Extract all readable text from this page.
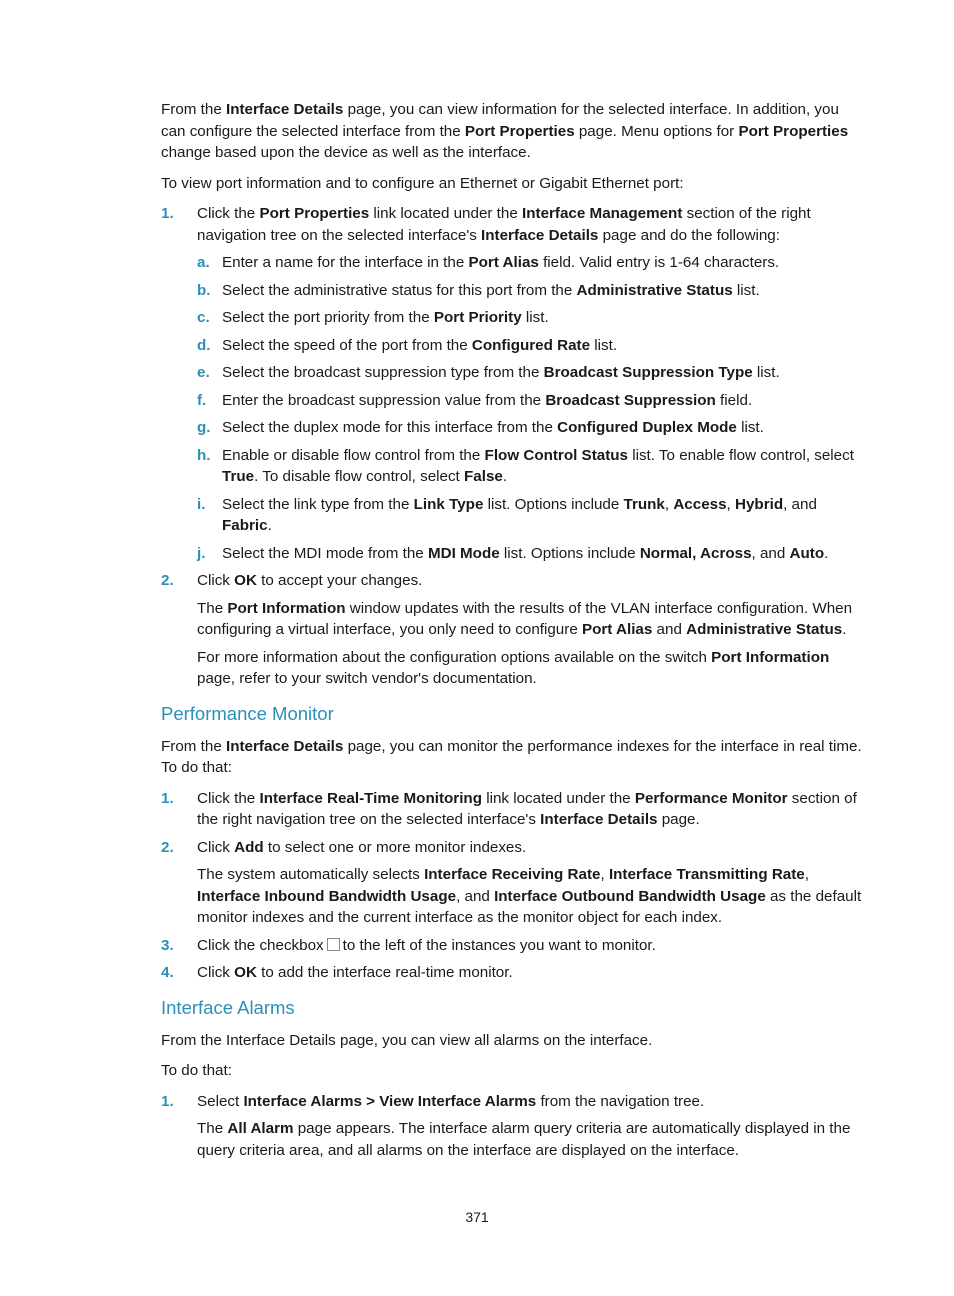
From the Interface Details page, you can view information for the selected interface. In addition, you can configure the selected interface from the Port Properties page. Menu options for Port Properties change based upon the device as well as the interface.

To view port information and to configure an Ethernet or Gigabit Ethernet port:

1. Click the Port Properties link located under the Interface Management section of the right navigation tree on the selected interface's Interface Details page and do the following:

a. Enter a name for the interface in the Port Alias field. Valid entry is 1-64 characters.

b. Select the administrative status for this port from the Administrative Status list.

c. Select the port priority from the Port Priority list.

d. Select the speed of the port from the Configured Rate list.

e. Select the broadcast suppression type from the Broadcast Suppression Type list.

f. Enter the broadcast suppression value from the Broadcast Suppression field.

g. Select the duplex mode for this interface from the Configured Duplex Mode list.

h. Enable or disable flow control from the Flow Control Status list. To enable flow control, select True. To disable flow control, select False.

i. Select the link type from the Link Type list. Options include Trunk, Access, Hybrid, and Fabric.

j. Select the MDI mode from the MDI Mode list. Options include Normal, Across, and Auto.

2. Click OK to accept your changes.

The Port Information window updates with the results of the VLAN interface configuration. When configuring a virtual interface, you only need to configure Port Alias and Administrative Status.

For more information about the configuration options available on the switch Port Information page, refer to your switch vendor's documentation.

Performance Monitor

From the Interface Details page, you can monitor the performance indexes for the interface in real time. To do that:

1. Click the Interface Real-Time Monitoring link located under the Performance Monitor section of the right navigation tree on the selected interface's Interface Details page.

2. Click Add to select one or more monitor indexes.

The system automatically selects Interface Receiving Rate, Interface Transmitting Rate, Interface Inbound Bandwidth Usage, and Interface Outbound Bandwidth Usage as the default monitor indexes and the current interface as the monitor object for each index.

3. Click the checkbox to the left of the instances you want to monitor.

4. Click OK to add the interface real-time monitor.

Interface Alarms

From the Interface Details page, you can view all alarms on the interface.

To do that:

1. Select Interface Alarms > View Interface Alarms from the navigation tree.

The All Alarm page appears. The interface alarm query criteria are automatically displayed in the query criteria area, and all alarms on the interface are displayed on the interface.

371
